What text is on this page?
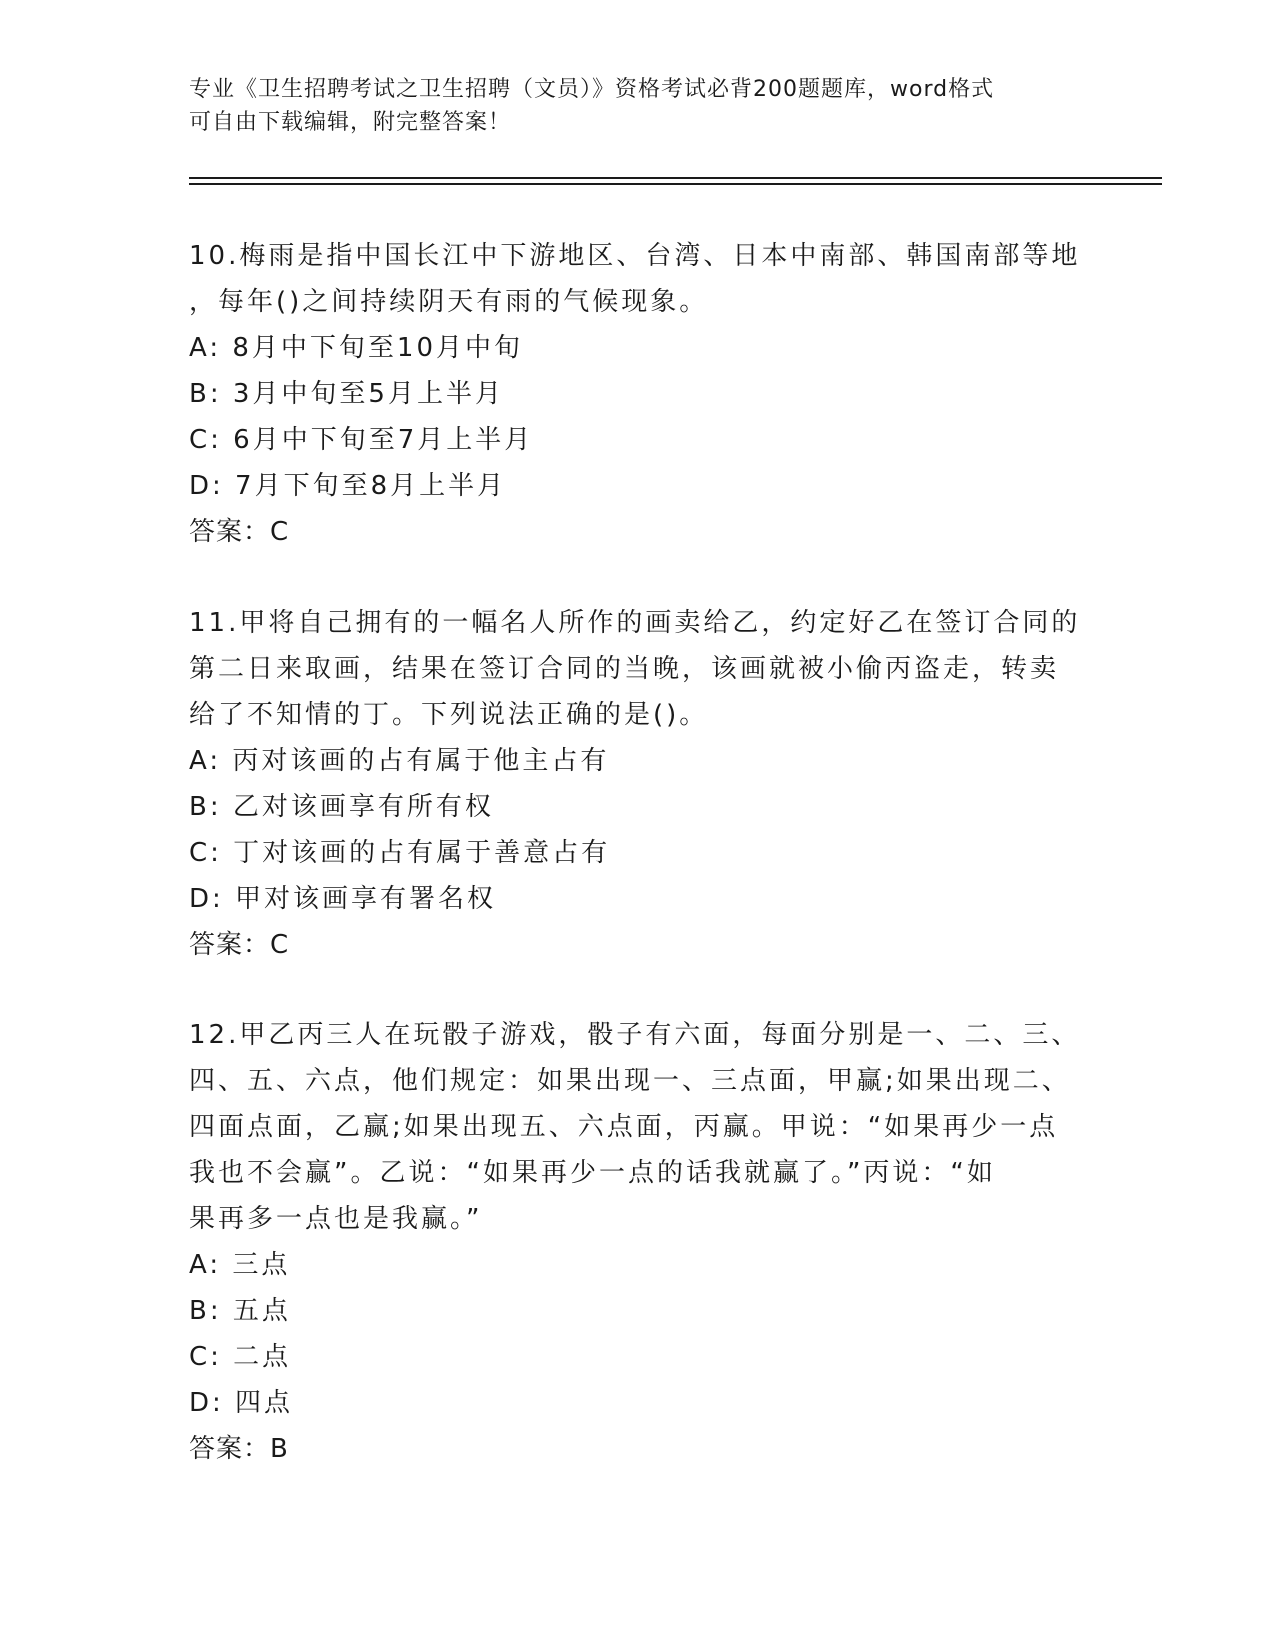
专业《卫生招聘考试之卫生招聘（文员）》资格考试必背200题题库，word格式
可自由下载编辑，附完整答案！
10.梅雨是指中国长江中下游地区、台湾、日本中南部、韩国南部等地
，每年()之间持续阴天有雨的气候现象。
A: 8月中下旬至10月中旬
B: 3月中旬至5月上半月
C: 6月中下旬至7月上半月
D: 7月下旬至8月上半月
答案：C
11.甲将自己拥有的一幅名人所作的画卖给乙，约定好乙在签订合同的
第二日来取画，结果在签订合同的当晚，该画就被小偷丙盗走，转卖
给了不知情的丁。下列说法正确的是()。
A: 丙对该画的占有属于他主占有
B: 乙对该画享有所有权
C: 丁对该画的占有属于善意占有
D: 甲对该画享有署名权
答案：C
12.甲乙丙三人在玩骰子游戏，骰子有六面，每面分别是一、二、三、
四、五、六点，他们规定：如果出现一、三点面，甲赢;如果出现二、
四面点面，乙赢;如果出现五、六点面，丙赢。甲说：“如果再少一点
我也不会赢”。乙说：“如果再少一点的话我就赢了。”丙说：“如
果再多一点也是我赢。”
A: 三点
B: 五点
C: 二点
D: 四点
答案：B
